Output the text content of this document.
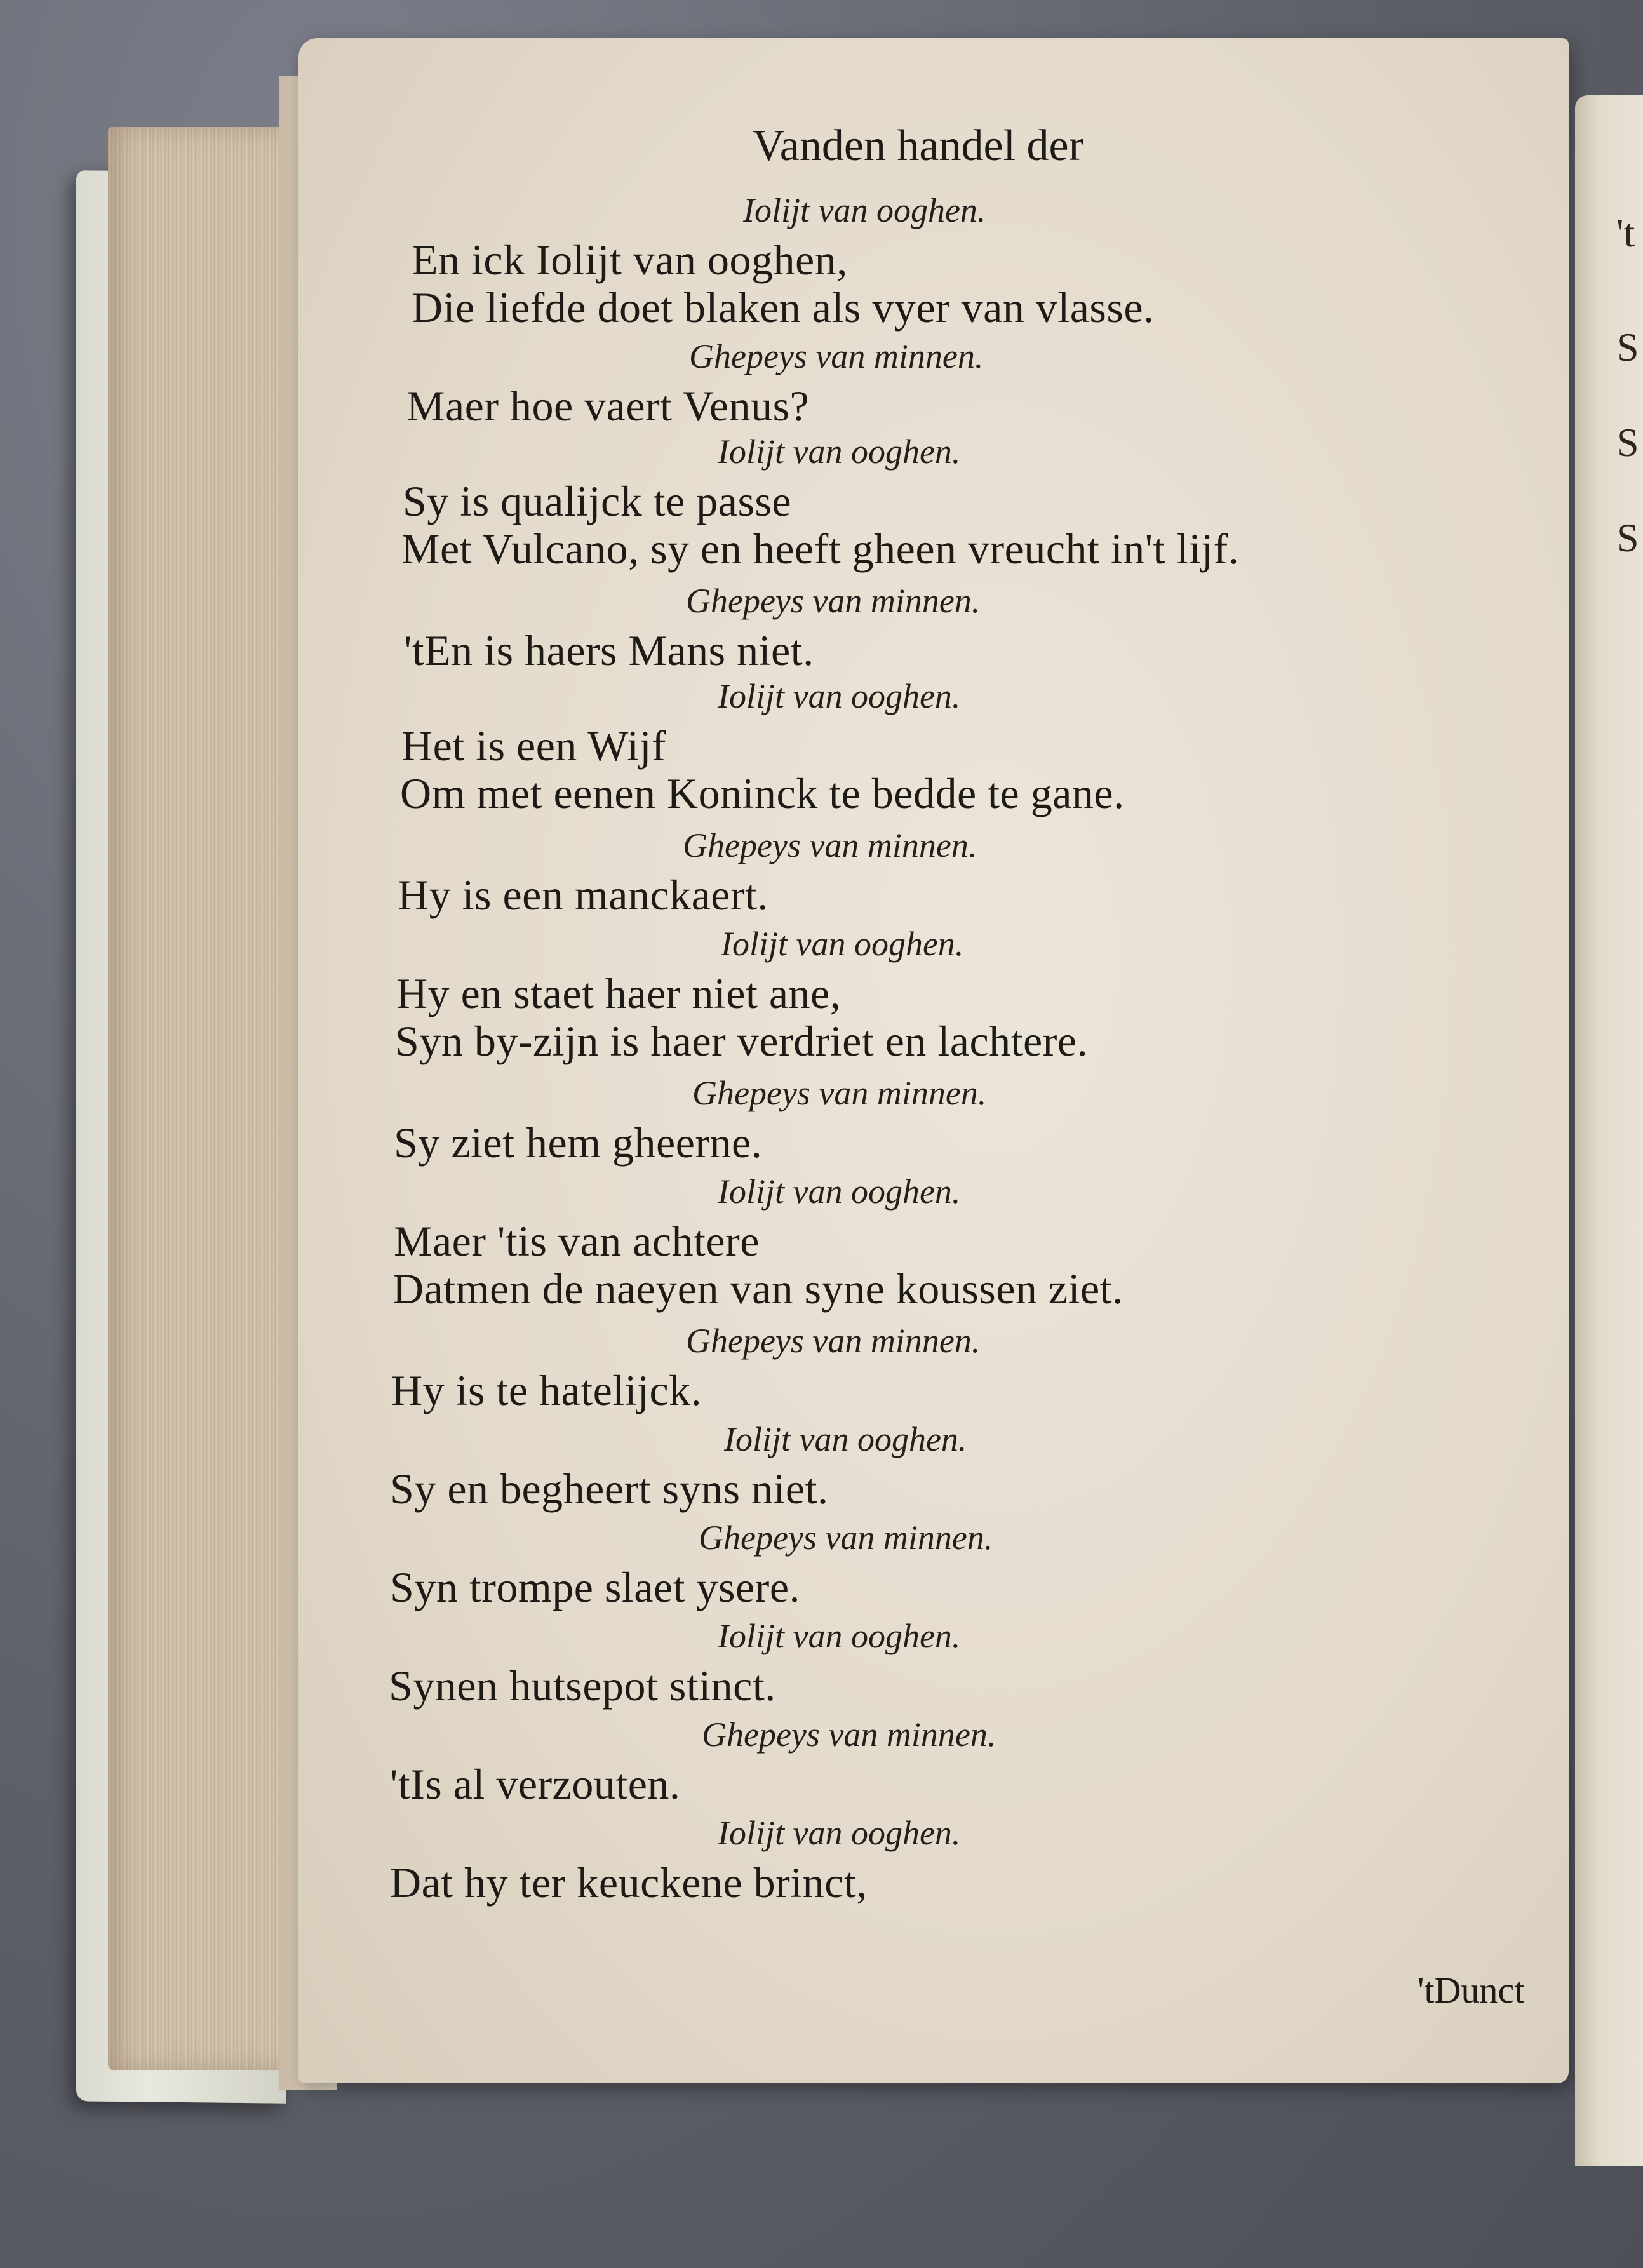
't
S
S
S
Vanden handel der
Iolijt van ooghen.
En ick Iolijt van ooghen,
Die liefde doet blaken als vyer van vlasse.
Ghepeys van minnen.
Maer hoe vaert Venus?
Iolijt van ooghen.
Sy is qualijck te passe
Met Vulcano, sy en heeft gheen vreucht in't lijf.
Ghepeys van minnen.
'tEn is haers Mans niet.
Iolijt van ooghen.
Het is een Wijf
Om met eenen Koninck te bedde te gane.
Ghepeys van minnen.
Hy is een manckaert.
Iolijt van ooghen.
Hy en staet haer niet ane,
Syn by-zijn is haer verdriet en lachtere.
Ghepeys van minnen.
Sy ziet hem gheerne.
Iolijt van ooghen.
Maer 'tis van achtere
Datmen de naeyen van syne koussen ziet.
Ghepeys van minnen.
Hy is te hatelijck.
Iolijt van ooghen.
Sy en begheert syns niet.
Ghepeys van minnen.
Syn trompe slaet ysere.
Iolijt van ooghen.
Synen hutsepot stinct.
Ghepeys van minnen.
'tIs al verzouten.
Iolijt van ooghen.
Dat hy ter keuckene brinct,
'tDunct
